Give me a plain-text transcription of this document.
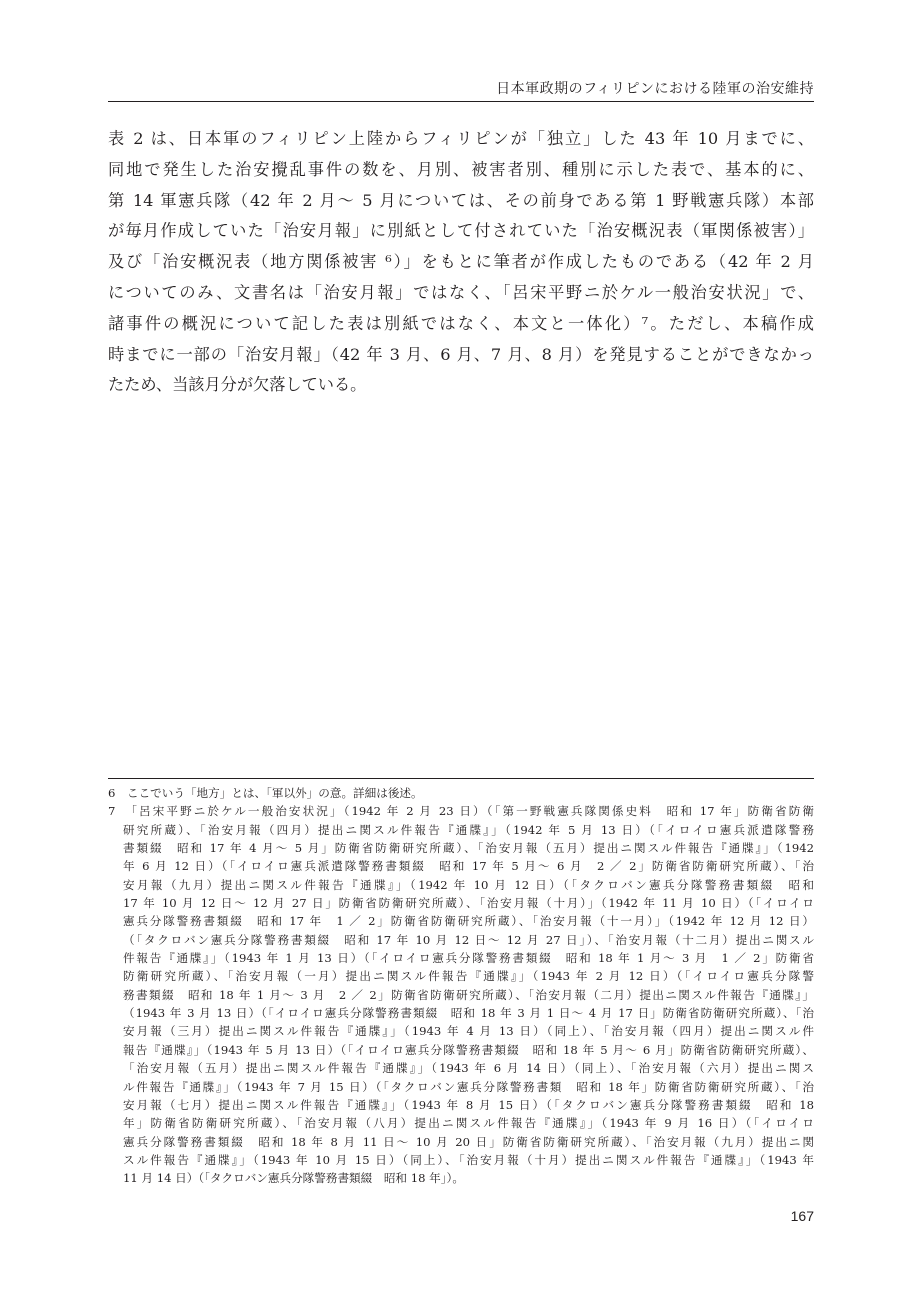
日本軍政期のフィリピンにおける陸軍の治安維持
表 2 は、日本軍のフィリピン上陸からフィリピンが「独立」した 43 年 10 月までに、
同地で発生した治安攪乱事件の数を、月別、被害者別、種別に示した表で、基本的に、
第 14 軍憲兵隊（42 年 2 月～ 5 月については、その前身である第 1 野戦憲兵隊）本部
が毎月作成していた「治安月報」に別紙として付されていた「治安概況表（軍関係被害）」
及び「治安概況表（地方関係被害 ⁶）」をもとに筆者が作成したものである（42 年 2 月
についてのみ、文書名は「治安月報」ではなく、「呂宋平野ニ於ケル一般治安状況」で、
諸事件の概況について記した表は別紙ではなく、本文と一体化）⁷。ただし、本稿作成
時までに一部の「治安月報」（42 年 3 月、6 月、7 月、8 月）を発見することができなかっ
たため、当該月分が欠落している。
6　ここでいう「地方」とは、「軍以外」の意。詳細は後述。
7　「呂宋平野ニ於ケル一般治安状況」（1942 年 2 月 23 日）（「第一野戦憲兵隊関係史料　昭和 17 年」防衛省防衛
研究所蔵）、「治安月報（四月）提出ニ関スル件報告『通牒』」（1942 年 5 月 13 日）（「イロイロ憲兵派遣隊警務
書類綴　昭和 17 年 4 月～ 5 月」防衛省防衛研究所蔵）、「治安月報（五月）提出ニ関スル件報告『通牒』」（1942
年 6 月 12 日）（「イロイロ憲兵派遣隊警務書類綴　昭和 17 年 5 月～ 6 月　2 ／ 2」防衛省防衛研究所蔵）、「治
安月報（九月）提出ニ関スル件報告『通牒』」（1942 年 10 月 12 日）（「タクロバン憲兵分隊警務書類綴　昭和
17 年 10 月 12 日～ 12 月 27 日」防衛省防衛研究所蔵）、「治安月報（十月）」（1942 年 11 月 10 日）（「イロイロ
憲兵分隊警務書類綴　昭和 17 年　1 ／ 2」防衛省防衛研究所蔵）、「治安月報（十一月）」（1942 年 12 月 12 日）
（「タクロバン憲兵分隊警務書類綴　昭和 17 年 10 月 12 日～ 12 月 27 日」）、「治安月報（十二月）提出ニ関スル
件報告『通牒』」（1943 年 1 月 13 日）（「イロイロ憲兵分隊警務書類綴　昭和 18 年 1 月～ 3 月　1 ／ 2」防衛省
防衛研究所蔵）、「治安月報（一月）提出ニ関スル件報告『通牒』」（1943 年 2 月 12 日）（「イロイロ憲兵分隊警
務書類綴　昭和 18 年 1 月～ 3 月　2 ／ 2」防衛省防衛研究所蔵）、「治安月報（二月）提出ニ関スル件報告『通牒』」
（1943 年 3 月 13 日）（「イロイロ憲兵分隊警務書類綴　昭和 18 年 3 月 1 日～ 4 月 17 日」防衛省防衛研究所蔵）、「治
安月報（三月）提出ニ関スル件報告『通牒』」（1943 年 4 月 13 日）（同上）、「治安月報（四月）提出ニ関スル件
報告『通牒』」（1943 年 5 月 13 日）（「イロイロ憲兵分隊警務書類綴　昭和 18 年 5 月～ 6 月」防衛省防衛研究所蔵）、
「治安月報（五月）提出ニ関スル件報告『通牒』」（1943 年 6 月 14 日）（同上）、「治安月報（六月）提出ニ関ス
ル件報告『通牒』」（1943 年 7 月 15 日）（「タクロバン憲兵分隊警務書類　昭和 18 年」防衛省防衛研究所蔵）、「治
安月報（七月）提出ニ関スル件報告『通牒』」（1943 年 8 月 15 日）（「タクロバン憲兵分隊警務書類綴　昭和 18
年」防衛省防衛研究所蔵）、「治安月報（八月）提出ニ関スル件報告『通牒』」（1943 年 9 月 16 日）（「イロイロ
憲兵分隊警務書類綴　昭和 18 年 8 月 11 日～ 10 月 20 日」防衛省防衛研究所蔵）、「治安月報（九月）提出ニ関
スル件報告『通牒』」（1943 年 10 月 15 日）（同上）、「治安月報（十月）提出ニ関スル件報告『通牒』」（1943 年
11 月 14 日）（「タクロバン憲兵分隊警務書類綴　昭和 18 年」）。
167
